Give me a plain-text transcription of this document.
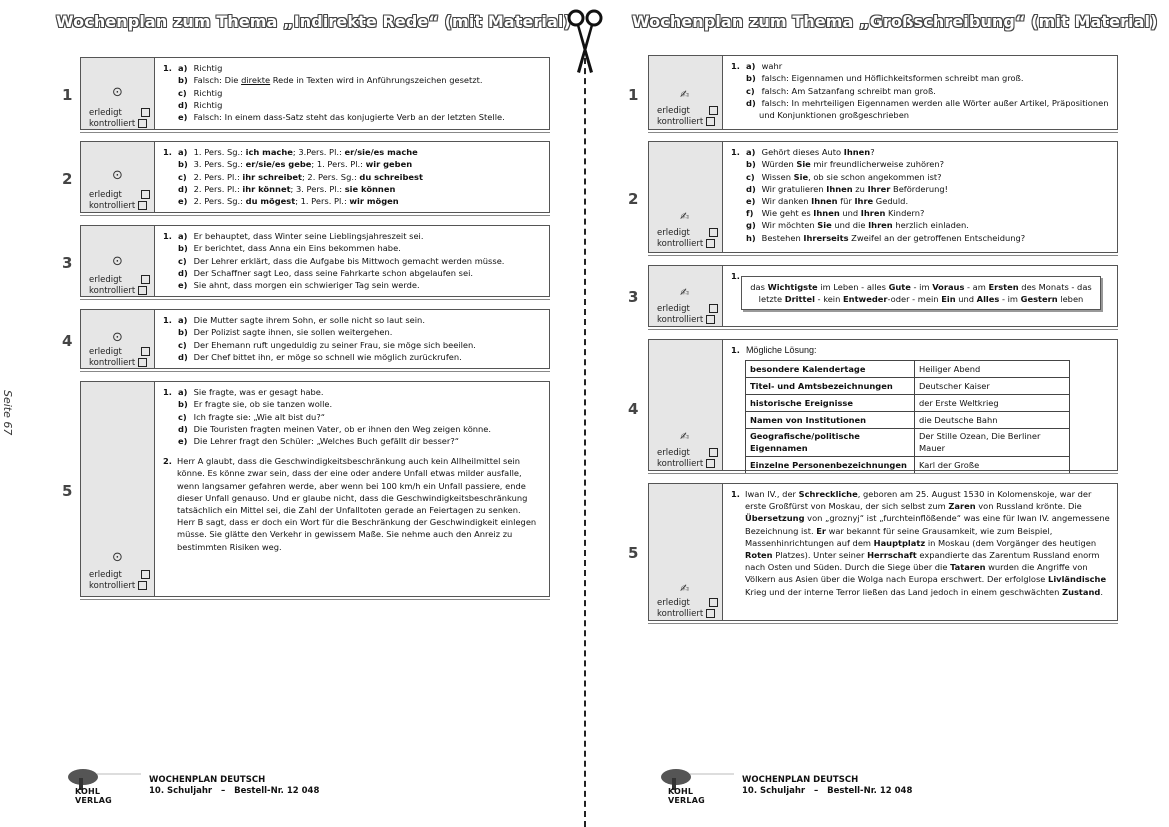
Wochenplan zum Thema „Indirekte Rede“ (mit Material)
Seite 67
1	⊙
erledigt
kontrolliert

1. a) Richtig

b) Falsch: Die direkte Rede in Texten wird in Anführungszeichen gesetzt.

c) Richtig

d) Richtig

e) Falsch: In einem dass-Satz steht das konjugierte Verb an der letzten Stelle.

2	⊙
erledigt
kontrolliert

1. a) 1. Pers. Sg.: ich mache; 3.Pers. Pl.: er/sie/es mache

b) 3. Pers. Sg.: er/sie/es gebe; 1. Pers. Pl.: wir geben

c) 2. Pers. Pl.: ihr schreibet; 2. Pers. Sg.: du schreibest

d) 2. Pers. Pl.: ihr könnet; 3. Pers. Pl.: sie können

e) 2. Pers. Sg.: du mögest; 1. Pers. Pl.: wir mögen

3	⊙
erledigt
kontrolliert

1. a) Er behauptet, dass Winter seine Lieblingsjahreszeit sei.

b) Er berichtet, dass Anna ein Eins bekommen habe.

c) Der Lehrer erklärt, dass die Aufgabe bis Mittwoch gemacht werden müsse.

d) Der Schaffner sagt Leo, dass seine Fahrkarte schon abgelaufen sei.

e) Sie ahnt, dass morgen ein schwieriger Tag sein werde.

4	⊙
erledigt
kontrolliert

1. a) Die Mutter sagte ihrem Sohn, er solle nicht so laut sein.

b) Der Polizist sagte ihnen, sie sollen weitergehen.

c) Der Ehemann ruft ungeduldig zu seiner Frau, sie möge sich beeilen.

d) Der Chef bittet ihn, er möge so schnell wie möglich zurückrufen.

5
⊙
erledigt
kontrolliert

1. a) Sie fragte, was er gesagt habe.

b) Er fragte sie, ob sie tanzen wolle.

c) Ich fragte sie: „Wie alt bist du?“

d) Die Touristen fragten meinen Vater, ob er ihnen den Weg zeigen könne.

e) Die Lehrer fragt den Schüler: „Welches Buch gefällt dir besser?“

2. Herr A glaubt, dass die Geschwindigkeitsbeschränkung auch kein Allheilmittel sein könne. Es könne zwar sein, dass der eine oder andere Unfall etwas milder ausfalle, wenn langsamer gefahren werde, aber wenn bei 100 km/h ein Unfall passiere, ende dieser Unfall genauso. Und er glaube nicht, dass die Geschwindigkeitsbeschränkung tatsächlich ein Mittel sei, die Zahl der Unfalltoten gerade an Feiertagen zu senken.

Herr B sagt, dass er doch ein Wort für die Beschränkung der Geschwindigkeit einlegen müsse. Sie glätte den Verkehr in gewissem Maße. Sie nehme auch den Anreiz zu bestimmten Risiken weg.

Wochenplan zum Thema „Großschreibung“ (mit Material)
1	✍
erledigt
kontrolliert

1. a) wahr

b) falsch: Eigennamen und Höflichkeitsformen schreibt man groß.

c) falsch: Am Satzanfang schreibt man groß.

d) falsch: In mehrteiligen Eigennamen werden alle Wörter außer Artikel, Präpositionen und Konjunktionen großgeschrieben

2
✍
erledigt
kontrolliert

1. a) Gehört dieses Auto Ihnen?

b) Würden Sie mir freundlicherweise zuhören?

c) Wissen Sie, ob sie schon angekommen ist?

d) Wir gratulieren Ihnen zu Ihrer Beförderung!

e) Wir danken Ihnen für Ihre Geduld.

f) Wie geht es Ihnen und Ihren Kindern?

g) Wir möchten Sie und die Ihren herzlich einladen.

h) Bestehen Ihrerseits Zweifel an der getroffenen Entscheidung?

3	✍
erledigt
kontrolliert

1.

das Wichtigste im Leben - alles Gute - im Voraus - am Ersten des Monats - das letzte Drittel - kein Entweder-oder - mein Ein und Alles - im Gestern leben
4
✍
erledigt
kontrolliert

1. Mögliche Lösung:

besondere Kalendertage	Heiliger Abend
Titel- und Amtsbezeichnungen	Deutscher Kaiser
historische Ereignisse	der Erste Weltkrieg
Namen von Institutionen	die Deutsche Bahn
Geografische/politische Eigennamen	Der Stille Ozean, Die Berliner Mauer
Einzelne Personenbezeichnungen	Karl der Große
5
✍
erledigt
kontrolliert
1. Iwan IV., der Schreckliche, geboren am 25. August 1530 in Kolomenskoje, war der erste Großfürst von Moskau, der sich selbst zum Zaren von Russland krönte. Die Übersetzung von „groznyj“ ist „furchteinflößende“ was eine für Iwan IV. angemessene Bezeichnung ist. Er war bekannt für seine Grausamkeit, wie zum Beispiel, Massenhinrichtungen auf dem Hauptplatz in Moskau (dem Vorgänger des heutigen Roten Platzes). Unter seiner Herrschaft expandierte das Zarentum Russland enorm nach Osten und Süden. Durch die Siege über die Tataren wurden die Angriffe von Völkern aus Asien über die Wolga nach Europa erschwert. Der erfolglose Livländische Krieg und der interne Terror ließen das Land jedoch in einem geschwächten Zustand.

KOHL VERLAG
WOCHENPLAN DEUTSCH
10. Schuljahr   –   Bestell-Nr. 12 048	KOHL VERLAG
WOCHENPLAN DEUTSCH
10. Schuljahr   –   Bestell-Nr. 12 048
